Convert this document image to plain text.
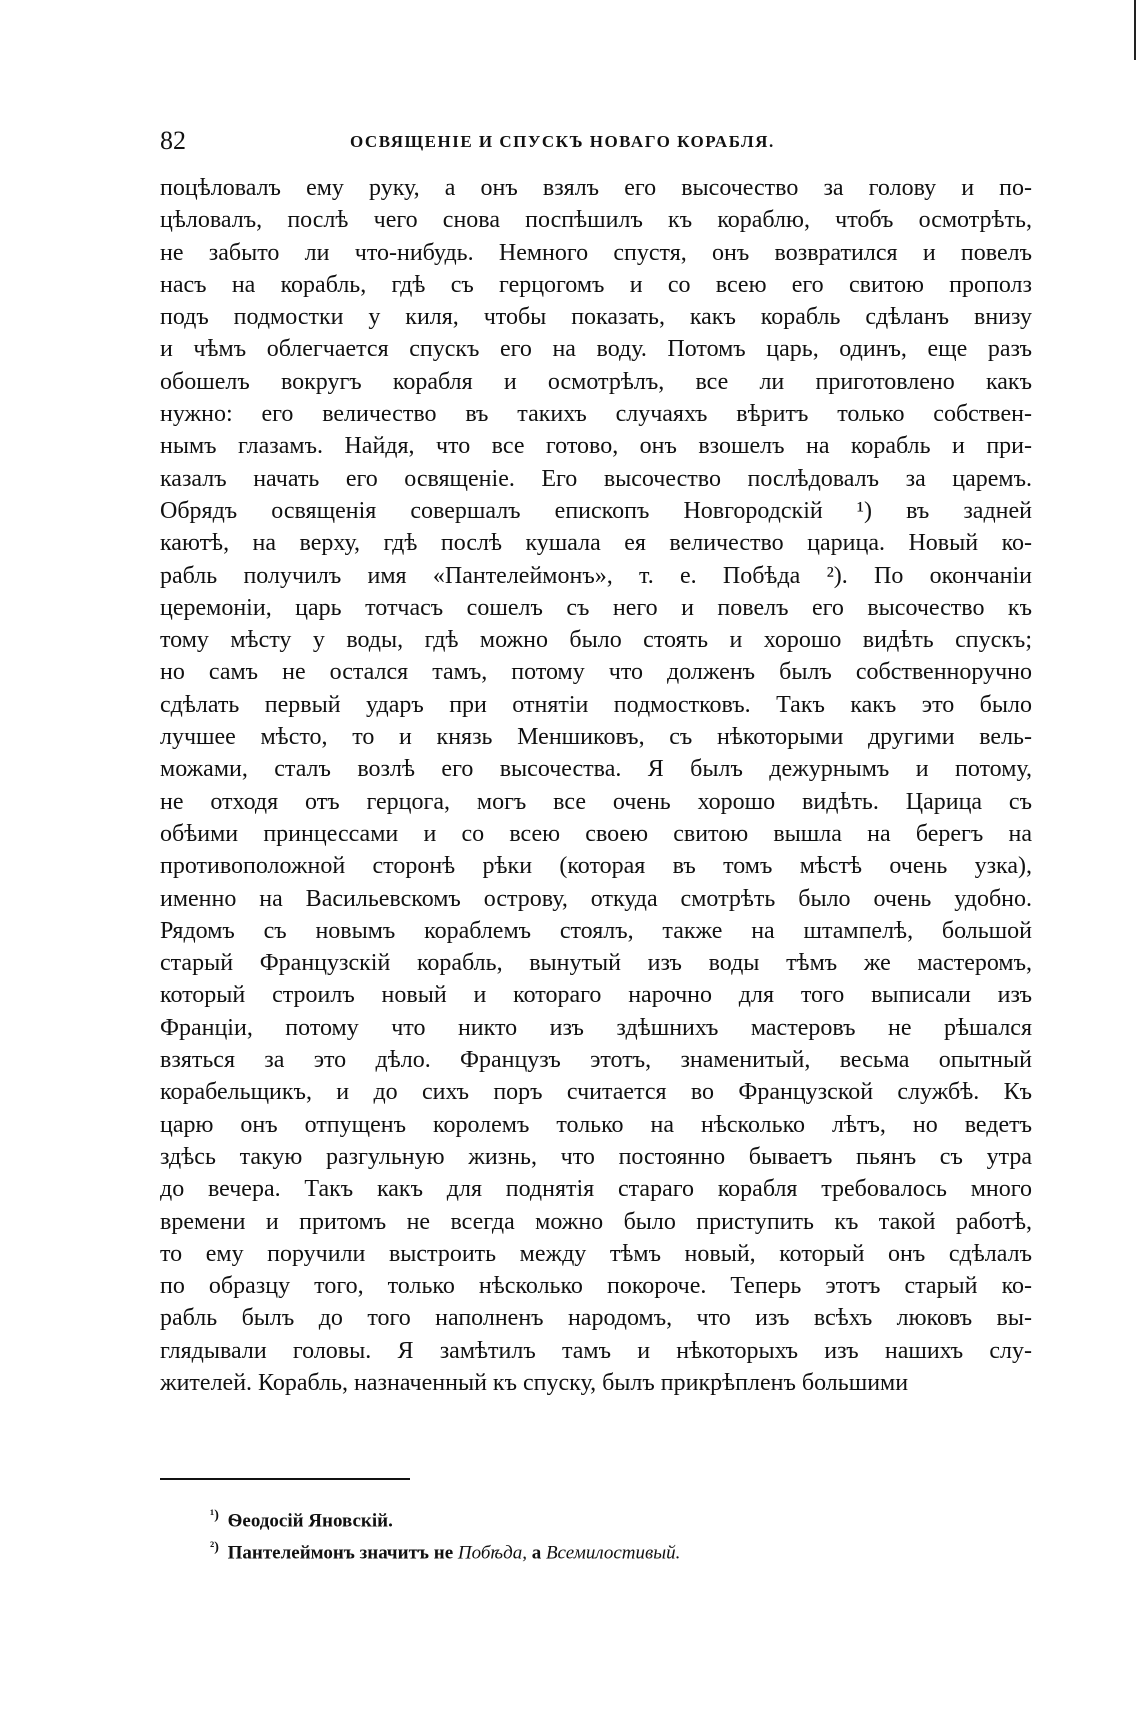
82	ОСВЯЩЕНIЕ И СПУСКЪ НОВАГО КОРАБЛЯ.
поцѣловалъ ему руку, а онъ взялъ его высочество за голову и по-
цѣловалъ, послѣ чего снова поспѣшилъ къ кораблю, чтобъ осмотрѣть,
не забыто ли что-нибудь. Немного спустя, онъ возвратился и повелъ
насъ на корабль, гдѣ съ герцогомъ и со всею его свитою прополз
подъ подмостки у киля, чтобы показать, какъ корабль сдѣланъ внизу
и чѣмъ облегчается спускъ его на воду. Потомъ царь, одинъ, еще разъ
обошелъ вокругъ корабля и осмотрѣлъ, все ли приготовлено какъ
нужно: его величество въ такихъ случаяхъ вѣритъ только собствен-
нымъ глазамъ. Найдя, что все готово, онъ взошелъ на корабль и при-
казалъ начать его освященіе. Его высочество послѣдовалъ за царемъ.
Обрядъ освященія совершалъ епископъ Новгородскій ¹) въ задней
каютѣ, на верху, гдѣ послѣ кушала ея величество царица. Новый ко-
рабль получилъ имя «Пантелеймонъ», т. е. Побѣда ²). По окончаніи
церемоніи, царь тотчасъ сошелъ съ него и повелъ его высочество къ
тому мѣсту у воды, гдѣ можно было стоять и хорошо видѣть спускъ;
но самъ не остался тамъ, потому что долженъ былъ собственноручно
сдѣлать первый ударъ при отнятіи подмостковъ. Такъ какъ это было
лучшее мѣсто, то и князь Меншиковъ, съ нѣкоторыми другими вель-
можами, сталъ возлѣ его высочества. Я былъ дежурнымъ и потому,
не отходя отъ герцога, могъ все очень хорошо видѣть. Царица съ
обѣими принцессами и со всею своею свитою вышла на берегъ на
противоположной сторонѣ рѣки (которая въ томъ мѣстѣ очень узка),
именно на Васильевскомъ острову, откуда смотрѣть было очень удобно.
Рядомъ съ новымъ кораблемъ стоялъ, также на штампелѣ, большой
старый Французскій корабль, вынутый изъ воды тѣмъ же мастеромъ,
который строилъ новый и котораго нарочно для того выписали изъ
Франціи, потому что никто изъ здѣшнихъ мастеровъ не рѣшался
взяться за это дѣло. Французъ этотъ, знаменитый, весьма опытный
корабельщикъ, и до сихъ поръ считается во Французской службѣ. Къ
царю онъ отпущенъ королемъ только на нѣсколько лѣтъ, но ведетъ
здѣсь такую разгульную жизнь, что постоянно бываетъ пьянъ съ утра
до вечера. Такъ какъ для поднятія стараго корабля требовалось много
времени и притомъ не всегда можно было приступить къ такой работѣ,
то ему поручили выстроить между тѣмъ новый, который онъ сдѣлалъ
по образцу того, только нѣсколько покороче. Теперь этотъ старый ко-
рабль былъ до того наполненъ народомъ, что изъ всѣхъ люковъ вы-
глядывали головы. Я замѣтилъ тамъ и нѣкоторыхъ изъ нашихъ слу-
жителей. Корабль, назначенный къ спуску, былъ прикрѣпленъ большими
$^{^1)}$ Ѳеодосій Яновскій.
$^{^2)}$ Пантелеймонъ значитъ не Побѣда, а Всемилостивый.
